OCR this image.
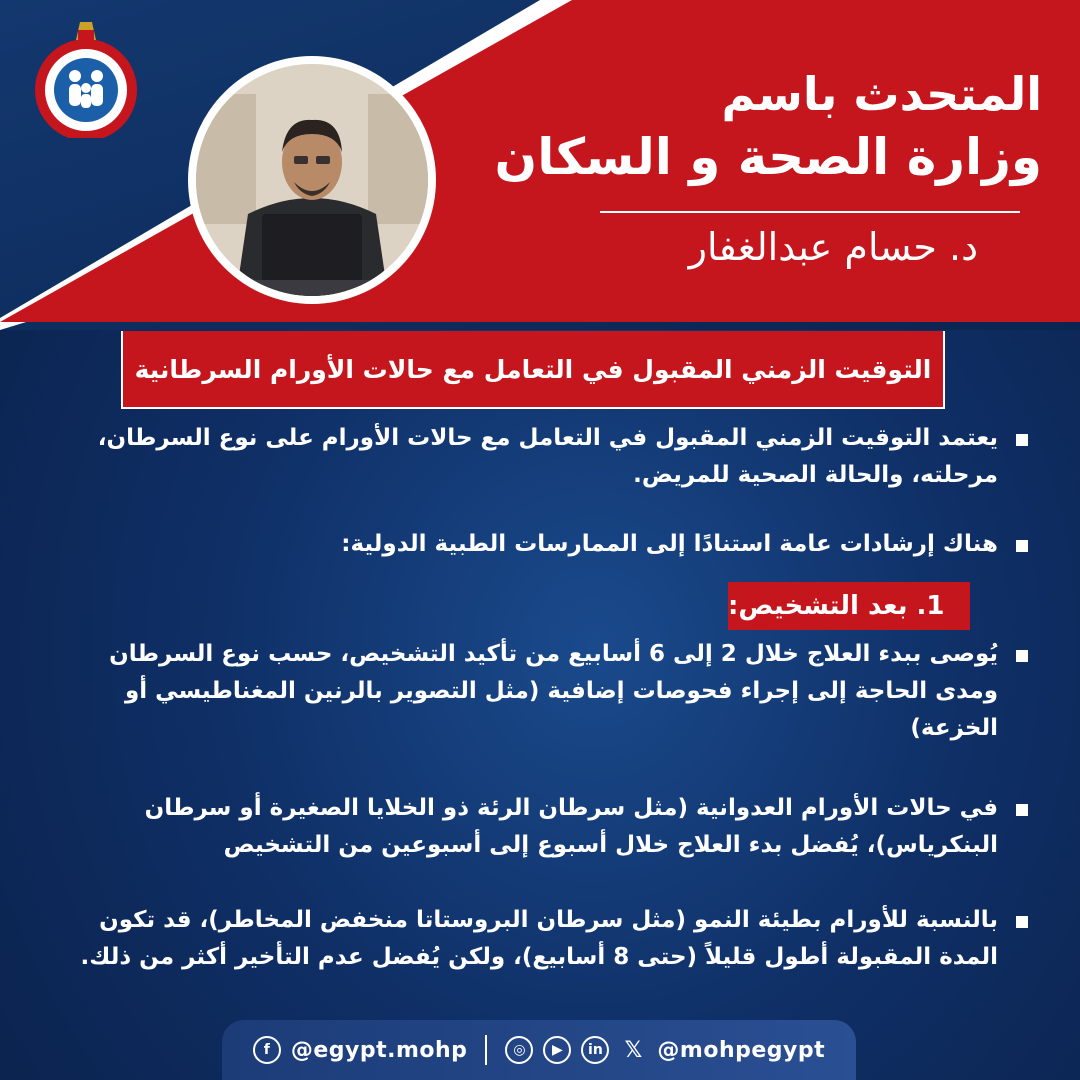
المتحدث باسم
وزارة الصحة و السكان
د. حسام عبدالغفار
التوقيت الزمني المقبول في التعامل مع حالات الأورام السرطانية
يعتمد التوقيت الزمني المقبول في التعامل مع حالات الأورام على نوع السرطان، مرحلته، والحالة الصحية للمريض.
هناك إرشادات عامة استنادًا إلى الممارسات الطبية الدولية:
1. بعد التشخيص:
يُوصى ببدء العلاج خلال 2 إلى 6 أسابيع من تأكيد التشخيص، حسب نوع السرطان ومدى الحاجة إلى إجراء فحوصات إضافية (مثل التصوير بالرنين المغناطيسي أو الخزعة)
في حالات الأورام العدوانية (مثل سرطان الرئة ذو الخلايا الصغيرة أو سرطان البنكرياس)، يُفضل بدء العلاج خلال أسبوع إلى أسبوعين من التشخيص
بالنسبة للأورام بطيئة النمو (مثل سرطان البروستاتا منخفض المخاطر)، قد تكون المدة المقبولة أطول قليلاً (حتى 8 أسابيع)، ولكن يُفضل عدم التأخير أكثر من ذلك.
f @egypt.mohp	◎	▶	in 𝕏 @mohpegypt
